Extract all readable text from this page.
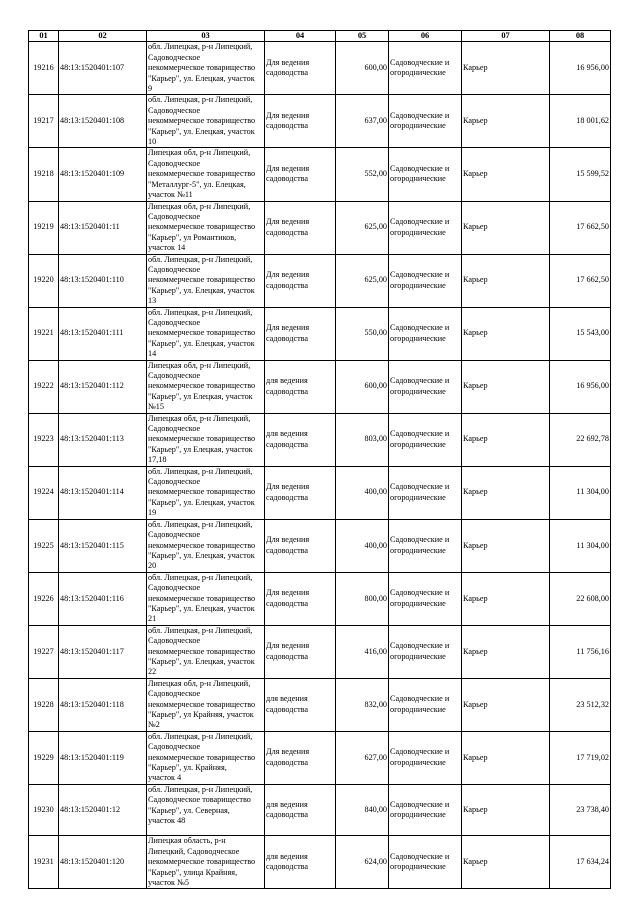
01	02	03	04	05	06	07	08
19216	48:13:1520401:107	обл. Липецкая, р-н Липецкий,
Садоводческое
некоммерческое товарищество
"Карьер", ул. Елецкая, участок
9	Для ведения садоводства	600,00	Садоводческие и огороднические	Карьер	16 956,00
19217	48:13:1520401:108	обл. Липецкая, р-н Липецкий,
Садоводческое
некоммерческое товарищество
"Карьер", ул. Елецкая, участок
10	Для ведения садоводства	637,00	Садоводческие и огороднические	Карьер	18 001,62
19218	48:13:1520401:109	Липецкая обл, р-н Липецкий,
Садоводческое
некоммерческое товарищество
"Металлург-5", ул. Елецкая,
участок №11	Для ведения садоводства	552,00	Садоводческие и огороднические	Карьер	15 599,52
19219	48:13:1520401:11	Липецкая обл, р-н Липецкий,
Садоводческое
некоммерческое товарищество
"Карьер", ул Романтиков,
участок 14	Для ведения садоводства	625,00	Садоводческие и огороднические	Карьер	17 662,50
19220	48:13:1520401:110	обл. Липецкая, р-н Липецкий,
Садоводческое
некоммерческое товарищество
"Карьер", ул. Елецкая, участок
13	Для ведения садоводства	625,00	Садоводческие и огороднические	Карьер	17 662,50
19221	48:13:1520401:111	обл. Липецкая, р-н Липецкий,
Садоводческое
некоммерческое товарищество
"Карьер", ул. Елецкая, участок
14	Для ведения садоводства	550,00	Садоводческие и огороднические	Карьер	15 543,00
19222	48:13:1520401:112	Липецкая обл, р-н Липецкий,
Садоводческое
некоммерческое товарищество
"Карьер", ул Елецкая, участок
№15	для ведения садоводства	600,00	Садоводческие и огороднические	Карьер	16 956,00
19223	48:13:1520401:113	Липецкая обл, р-н Липецкий,
Садоводческое
некоммерческое товарищество
"Карьер", ул Елецкая, участок
17,18	для ведения садоводства	803,00	Садоводческие и огороднические	Карьер	22 692,78
19224	48:13:1520401:114	обл. Липецкая, р-н Липецкий,
Садоводческое
некоммерческое товарищество
"Карьер", ул. Елецкая, участок
19	Для ведения садоводства	400,00	Садоводческие и огороднические	Карьер	11 304,00
19225	48:13:1520401:115	обл. Липецкая, р-н Липецкий,
Садоводческое
некоммерческое товарищество
"Карьер", ул. Елецкая, участок
20	Для ведения садоводства	400,00	Садоводческие и огороднические	Карьер	11 304,00
19226	48:13:1520401:116	обл. Липецкая, р-н Липецкий,
Садоводческое
некоммерческое товарищество
"Карьер", ул. Елецкая, участок
21	Для ведения садоводства	800,00	Садоводческие и огороднические	Карьер	22 608,00
19227	48:13:1520401:117	обл. Липецкая, р-н Липецкий,
Садоводческое
некоммерческое товарищество
"Карьер", ул. Елецкая, участок
22	Для ведения садоводства	416,00	Садоводческие и огороднические	Карьер	11 756,16
19228	48:13:1520401:118	Липецкая обл, р-н Липецкий,
Садоводческое
некоммерческое товарищество
"Карьер", ул Крайняя, участок
№2	для ведения садоводства	832,00	Садоводческие и огороднические	Карьер	23 512,32
19229	48:13:1520401:119	обл. Липецкая, р-н Липецкий,
Садоводческое
некоммерческое товарищество
"Карьер", ул. Крайняя,
участок 4	Для ведения садоводства	627,00	Садоводческие и огороднические	Карьер	17 719,02
19230	48:13:1520401:12	обл. Липецкая, р-н Липецкий,
Садоводческое товарищество
"Карьер", ул. Северная,
участок 48	для ведения садоводства	840,00	Садоводческие и огороднические	Карьер	23 738,40
19231	48:13:1520401:120	Липецкая область, р-н
Липецкий, Садоводческое
некоммерческое товарищество
"Карьер", улица Крайняя,
участок №5	для ведения садоводства	624,00	Садоводческие и огороднические	Карьер	17 634,24
